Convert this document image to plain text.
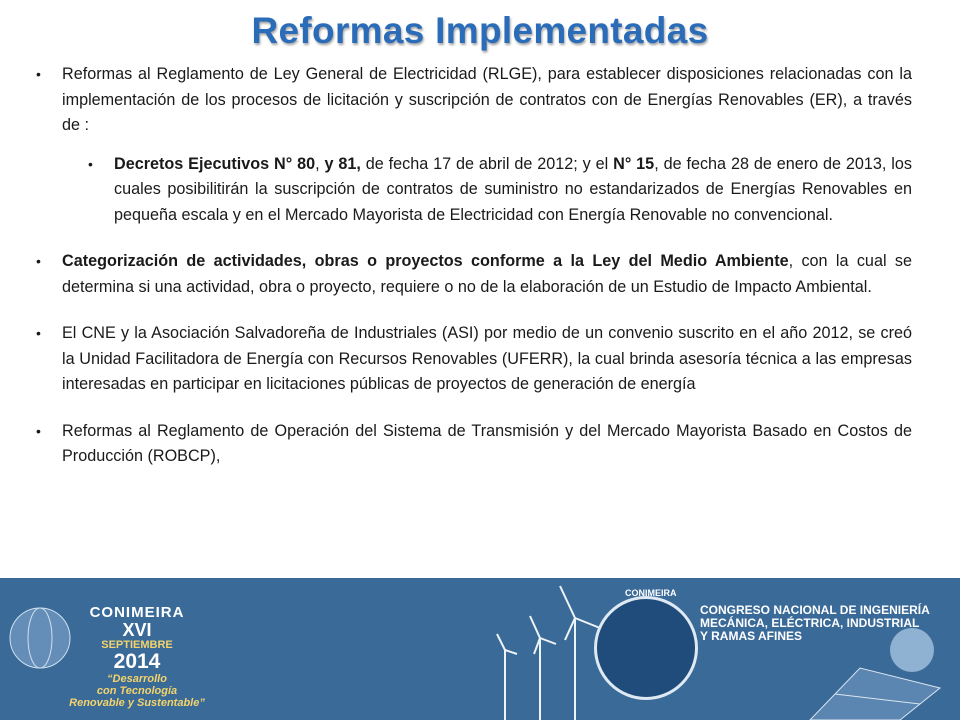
Reformas Implementadas

• Reformas al Reglamento de Ley General de Electricidad (RLGE), para establecer disposiciones relacionadas con la implementación de los procesos de licitación y suscripción de contratos con de Energías Renovables (ER), a través de :

• Decretos Ejecutivos N° 80, y 81, de fecha 17 de abril de 2012; y el N° 15, de fecha 28 de enero de 2013, los cuales posibilitirán la suscripción de contratos de suministro no estandarizados de Energías Renovables en pequeña escala y en el Mercado Mayorista de Electricidad con Energía Renovable no convencional.

• Categorización de actividades, obras o proyectos conforme a la Ley del Medio Ambiente, con la cual se determina si una actividad, obra o proyecto, requiere o no de la elaboración de un Estudio de Impacto Ambiental.

• El CNE y la Asociación Salvadoreña de Industriales (ASI) por medio de un convenio suscrito en el año 2012, se creó la Unidad Facilitadora de Energía con Recursos Renovables (UFERR), la cual brinda asesoría técnica a las empresas interesadas en participar en licitaciones públicas de proyectos de generación de energía

• Reformas al Reglamento de Operación del Sistema de Transmisión y del Mercado Mayorista Basado en Costos de Producción (ROBCP),

CONIMEIRA
XVI
SEPTIEMBRE
2014
“Desarrollo
con Tecnología
Renovable y Sustentable”
CONIMEIRA
CONGRESO NACIONAL DE INGENIERÍA
MECÁNICA, ELÉCTRICA, INDUSTRIAL
Y RAMAS AFINES
